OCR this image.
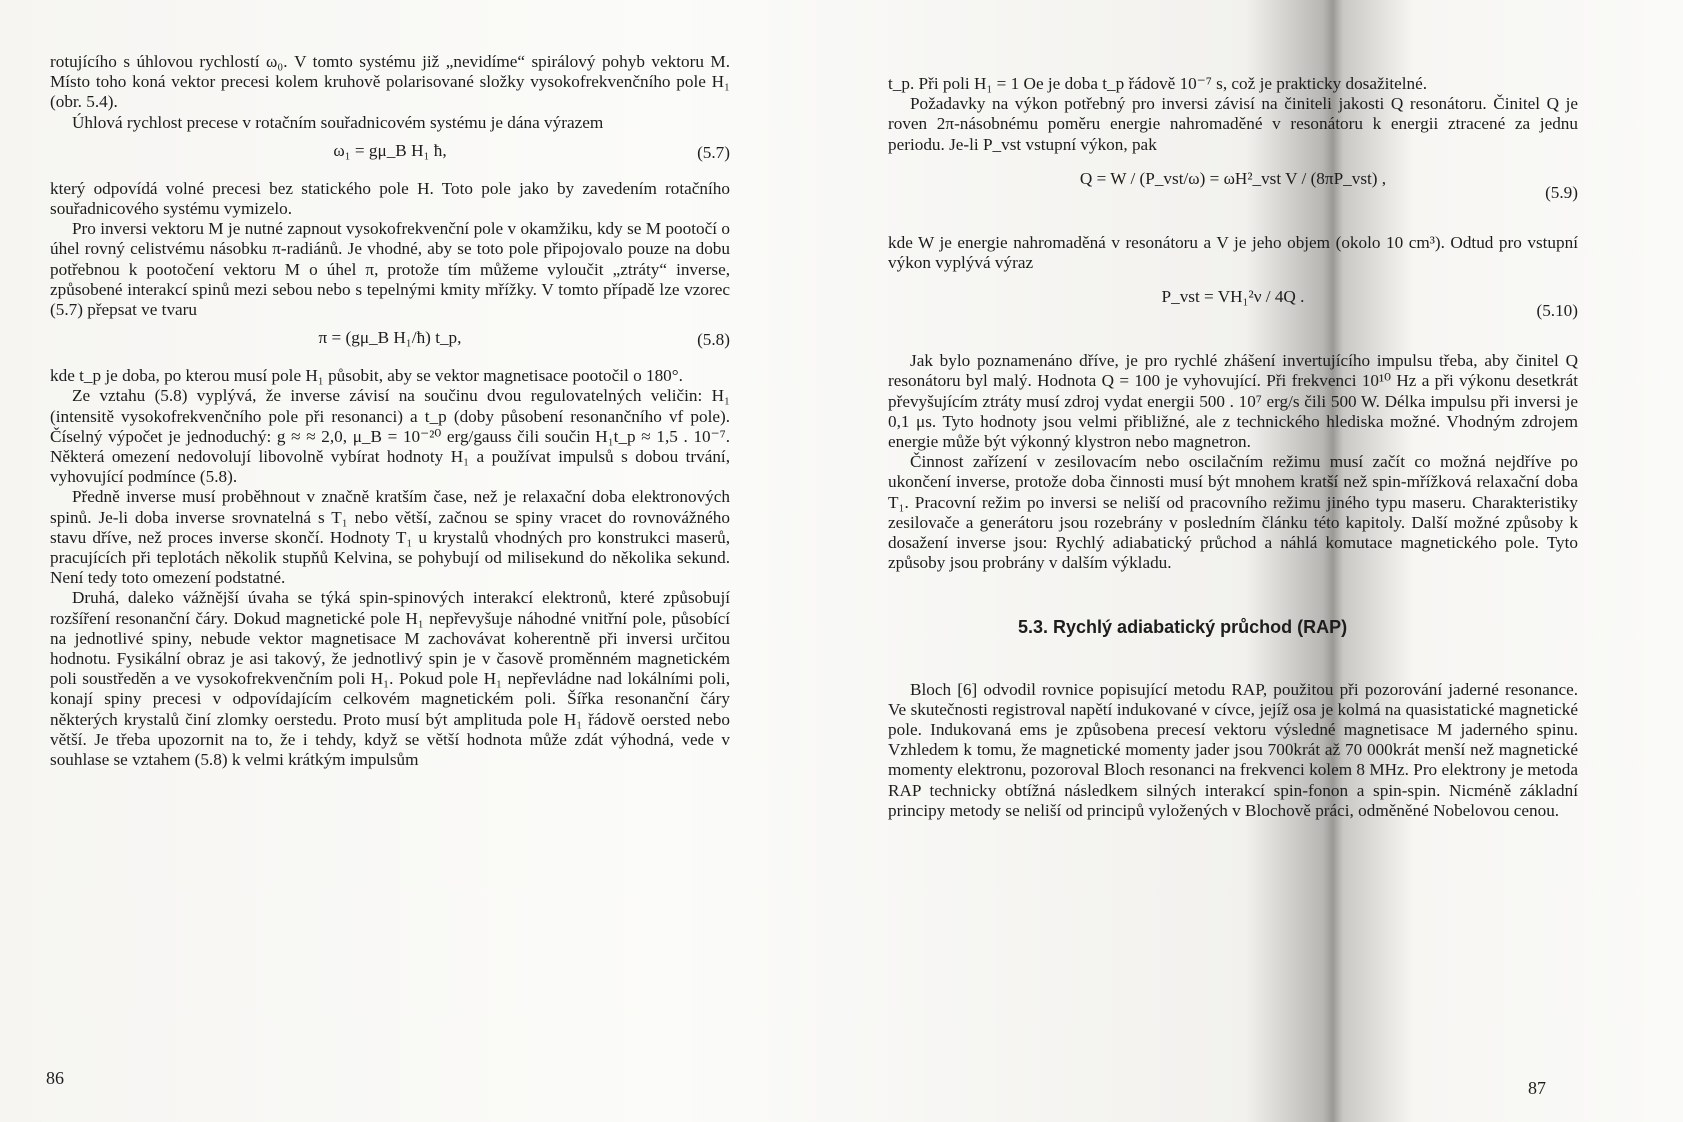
rotujícího s úhlovou rychlostí ω₀. V tomto systému již „nevidíme“ spirálový pohyb vektoru M. Místo toho koná vektor precesi kolem kruhově polarisované složky vysokofrekvenčního pole H₁ (obr. 5.4).

Úhlová rychlost precese v rotačním souřadnicovém systému je dána výrazem

ω₁ = gμ_B H₁ ħ,	(5.7)

který odpovídá volné precesi bez statického pole H. Toto pole jako by zavedením rotačního souřadnicového systému vymizelo.

Pro inversi vektoru M je nutné zapnout vysokofrekvenční pole v okamžiku, kdy se M pootočí o úhel rovný celistvému násobku π-radiánů. Je vhodné, aby se toto pole připojovalo pouze na dobu potřebnou k pootočení vektoru M o úhel π, protože tím můžeme vyloučit „ztráty“ inverse, způsobené interakcí spinů mezi sebou nebo s tepelnými kmity mřížky. V tomto případě lze vzorec (5.7) přepsat ve tvaru

π = (gμ_B H₁/ħ) t_p,	(5.8)

kde t_p je doba, po kterou musí pole H₁ působit, aby se vektor magnetisace pootočil o 180°.

Ze vztahu (5.8) vyplývá, že inverse závisí na součinu dvou regulovatelných veličin: H₁ (intensitě vysokofrekvenčního pole při resonanci) a t_p (doby působení resonančního vf pole). Číselný výpočet je jednoduchý: g ≈ ≈ 2,0, μ_B = 10⁻²⁰ erg/gauss čili součin H₁t_p ≈ 1,5 . 10⁻⁷. Některá omezení nedovolují libovolně vybírat hodnoty H₁ a používat impulsů s dobou trvání, vyhovující podmínce (5.8).

Předně inverse musí proběhnout v značně kratším čase, než je relaxační doba elektronových spinů. Je-li doba inverse srovnatelná s T₁ nebo větší, začnou se spiny vracet do rovnovážného stavu dříve, než proces inverse skončí. Hodnoty T₁ u krystalů vhodných pro konstrukci maserů, pracujících při teplotách několik stupňů Kelvina, se pohybují od milisekund do několika sekund. Není tedy toto omezení podstatné.

Druhá, daleko vážnější úvaha se týká spin-spinových interakcí elektronů, které způsobují rozšíření resonanční čáry. Dokud magnetické pole H₁ nepřevyšuje náhodné vnitřní pole, působící na jednotlivé spiny, nebude vektor magnetisace M zachovávat koherentně při inversi určitou hodnotu. Fysikální obraz je asi takový, že jednotlivý spin je v časově proměnném magnetickém poli soustředěn a ve vysokofrekvenčním poli H₁. Pokud pole H₁ nepřevládne nad lokálními poli, konají spiny precesi v odpovídajícím celkovém magnetickém poli. Šířka resonanční čáry některých krystalů činí zlomky oerstedu. Proto musí být amplituda pole H₁ řádově oersted nebo větší. Je třeba upozornit na to, že i tehdy, když se větší hodnota může zdát výhodná, vede v souhlase se vztahem (5.8) k velmi krátkým impulsům

86

t_p. Při poli H₁ = 1 Oe je doba t_p řádově 10⁻⁷ s, což je prakticky dosažitelné.

Požadavky na výkon potřebný pro inversi závisí na činiteli jakosti Q resonátoru. Činitel Q je roven 2π-násobnému poměru energie nahromaděné v resonátoru k energii ztracené za jednu periodu. Je-li P_vst vstupní výkon, pak

Q = W / (P_vst/ω) = ωH²_vst V / (8πP_vst) ,
(5.9)

kde W je energie nahromaděná v resonátoru a V je jeho objem (okolo 10 cm³). Odtud pro vstupní výkon vyplývá výraz

P_vst = VH₁²ν / 4Q .
(5.10)

Jak bylo poznamenáno dříve, je pro rychlé zhášení invertujícího impulsu třeba, aby činitel Q resonátoru byl malý. Hodnota Q = 100 je vyhovující. Při frekvenci 10¹⁰ Hz a při výkonu desetkrát převyšujícím ztráty musí zdroj vydat energii 500 . 10⁷ erg/s čili 500 W. Délka impulsu při inversi je 0,1 μs. Tyto hodnoty jsou velmi přibližné, ale z technického hlediska možné. Vhodným zdrojem energie může být výkonný klystron nebo magnetron.

Činnost zařízení v zesilovacím nebo oscilačním režimu musí začít co možná nejdříve po ukončení inverse, protože doba činnosti musí být mnohem kratší než spin-mřížková relaxační doba T₁. Pracovní režim po inversi se neliší od pracovního režimu jiného typu maseru. Charakteristiky zesilovače a generátoru jsou rozebrány v posledním článku této kapitoly. Další možné způsoby k dosažení inverse jsou: Rychlý adiabatický průchod a náhlá komutace magnetického pole. Tyto způsoby jsou probrány v dalším výkladu.

5.3. Rychlý adiabatický průchod (RAP)

Bloch [6] odvodil rovnice popisující metodu RAP, použitou při pozorování jaderné resonance. Ve skutečnosti registroval napětí indukované v cívce, jejíž osa je kolmá na quasistatické magnetické pole. Indukovaná ems je způsobena precesí vektoru výsledné magnetisace M jaderného spinu. Vzhledem k tomu, že magnetické momenty jader jsou 700krát až 70 000krát menší než magnetické momenty elektronu, pozoroval Bloch resonanci na frekvenci kolem 8 MHz. Pro elektrony je metoda RAP technicky obtížná následkem silných interakcí spin-fonon a spin-spin. Nicméně základní principy metody se neliší od principů vyložených v Blochově práci, odměněné Nobelovou cenou.

87
